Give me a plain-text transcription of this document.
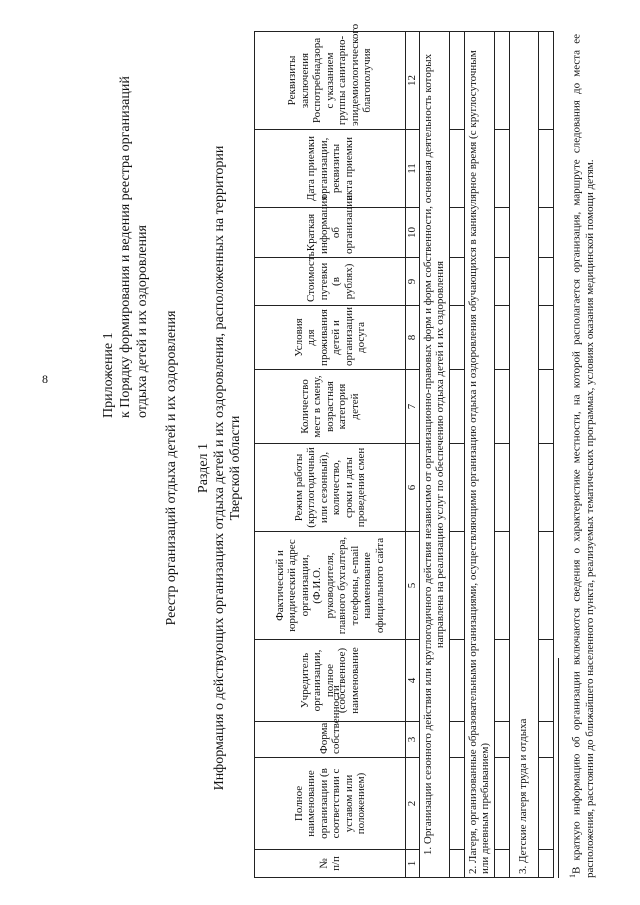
8	Приложение 1 к Порядку формирования и ведения реестра организаций отдыха детей и их оздоровления Реестр организаций отдыха детей и их оздоровления Раздел 1 Информация о действующих организациях отдыха детей и их оздоровления, расположенных на территории Тверской области
№ п/п	Полное наименование организации (в соответствии с уставом или положением)	Форма собственности	Учредитель организации, полное (собственное) наименование	Фактический и юридический адрес организации, (Ф.И.О. руководителя, главного бухгалтера, телефоны, e-mail наименование официального сайта	Режим работы (круглогодичный или сезонный), количество, сроки и даты проведения смен	Количество мест в смену, возрастная категория детей	Условия для проживания детей и организации досуга	Стоимость путевки (в рублях)	Краткая информация об организации	Дата приемки организации, реквизиты акта приемки	Реквизиты заключения Роспотребнадзора с указанием группы санитарно-эпидемиологического благополучия
1	2	3	4	5	6	7	8	9	10	11	12
1. Организации сезонного действия или круглогодичного действия независимо от организационно-правовых форм и форм собственности, основная деятельность которых направлена на реализацию услуг по обеспечению отдыха детей и их оздоровления											

2. Лагеря, организованные образовательными организациями, осуществляющими организацию отдыха и оздоровления обучающихся в каникулярное время (с круглосуточным или дневным пребыванием)											

3. Детские лагеря труда и отдыха											

$^1$В краткую информацию об организации включаются сведения о характеристике местности, на которой располагается организация, маршруте следования до места ее расположения, расстоянии до ближайшего населенного пункта, реализуемых тематических программах, условиях оказания медицинской помощи детям.
